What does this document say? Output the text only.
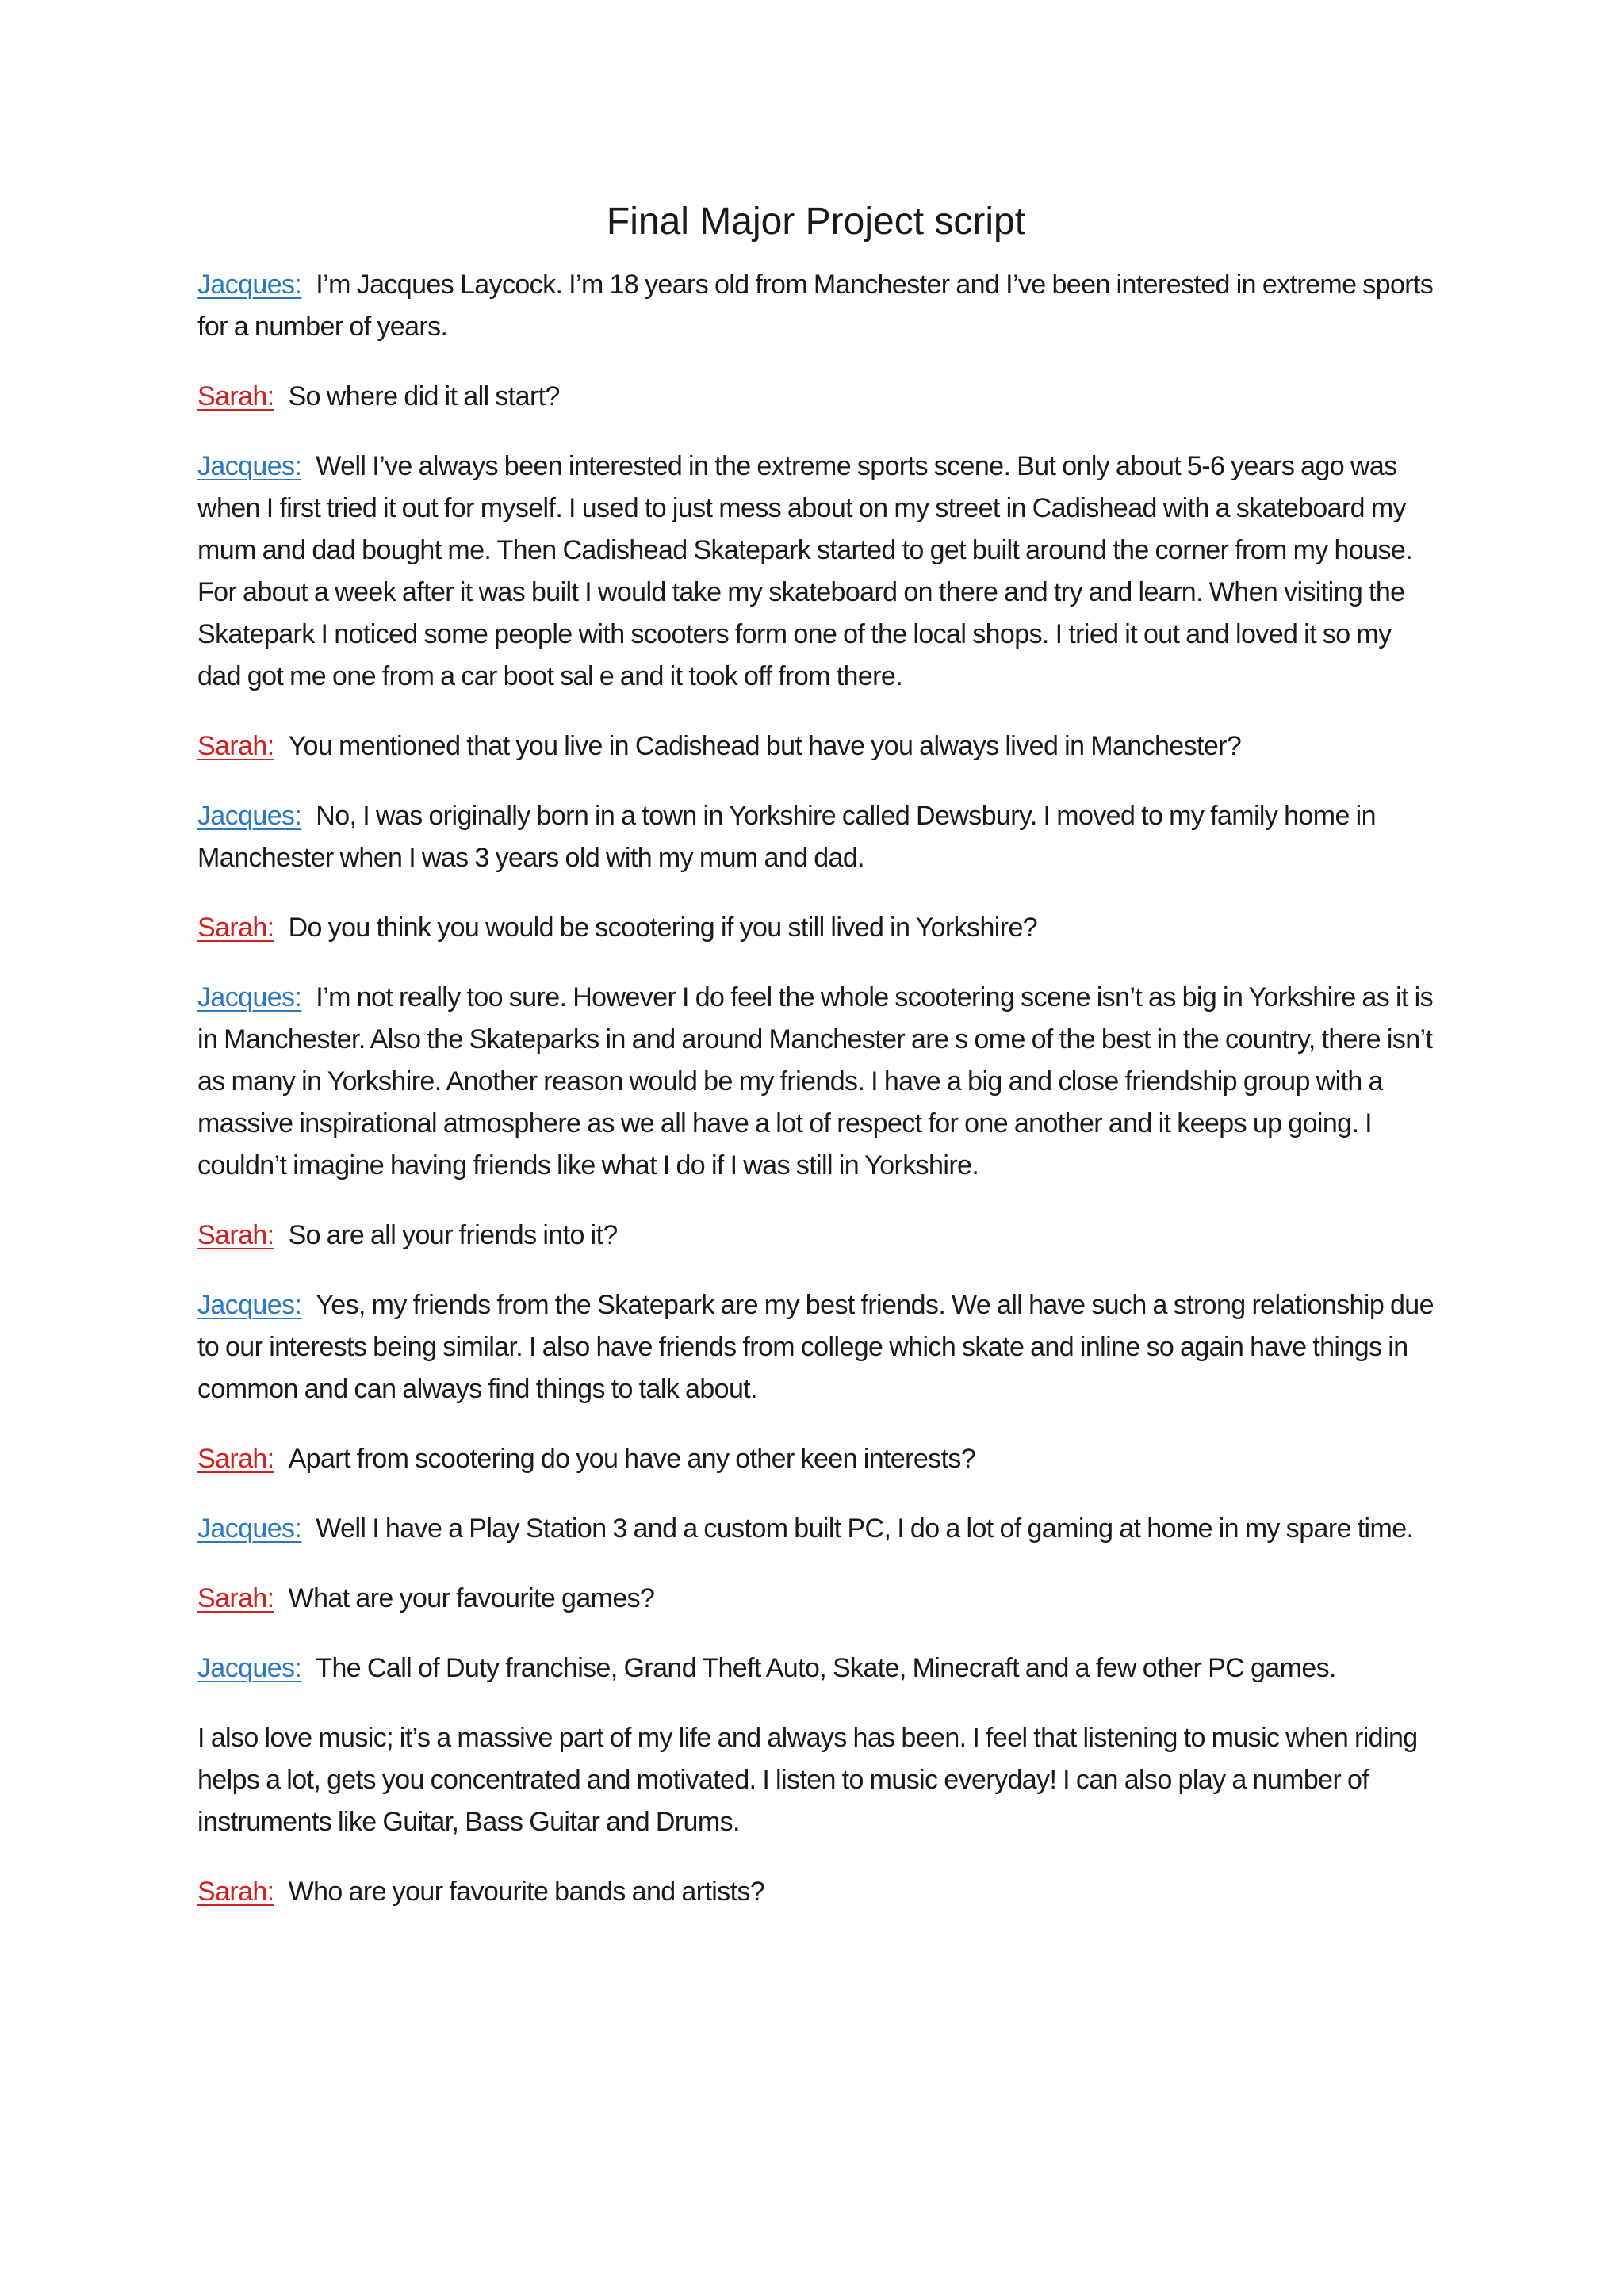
Final Major Project script

Jacques: I’m Jacques Laycock. I’m 18 years old from Manchester and I’ve been interested in extreme sports for a number of years.

Sarah: So where did it all start?

Jacques: Well I’ve always been interested in the extreme sports scene. But only about 5-6 years ago was when I first tried it out for myself. I used to just mess about on my street in Cadishead with a skateboard my mum and dad bought me. Then Cadishead Skatepark started to get built around the corner from my house. For about a week after it was built I would take my skateboard on there and try and learn. When visiting the Skatepark I noticed some people with scooters form one of the local shops. I tried it out and loved it so my dad got me one from a car boot sal e and it took off from there.

Sarah: You mentioned that you live in Cadishead but have you always lived in Manchester?

Jacques: No, I was originally born in a town in Yorkshire called Dewsbury. I moved to my family home in Manchester when I was 3 years old with my mum and dad.

Sarah: Do you think you would be scootering if you still lived in Yorkshire?

Jacques: I’m not really too sure. However I do feel the whole scootering scene isn’t as big in Yorkshire as it is in Manchester. Also the Skateparks in and around Manchester are s ome of the best in the country, there isn’t as many in Yorkshire. Another reason would be my friends. I have a big and close friendship group with a massive inspirational atmosphere as we all have a lot of respect for one another and it keeps up going. I couldn’t imagine having friends like what I do if I was still in Yorkshire.

Sarah: So are all your friends into it?

Jacques: Yes, my friends from the Skatepark are my best friends. We all have such a strong relationship due to our interests being similar. I also have friends from college which skate and inline so again have things in common and can always find things to talk about.

Sarah: Apart from scootering do you have any other keen interests?

Jacques: Well I have a Play Station 3 and a custom built PC, I do a lot of gaming at home in my spare time.

Sarah: What are your favourite games?

Jacques: The Call of Duty franchise, Grand Theft Auto, Skate, Minecraft and a few other PC games.

I also love music; it’s a massive part of my life and always has been. I feel that listening to music when riding helps a lot, gets you concentrated and motivated. I listen to music everyday! I can also play a number of instruments like Guitar, Bass Guitar and Drums.

Sarah: Who are your favourite bands and artists?
